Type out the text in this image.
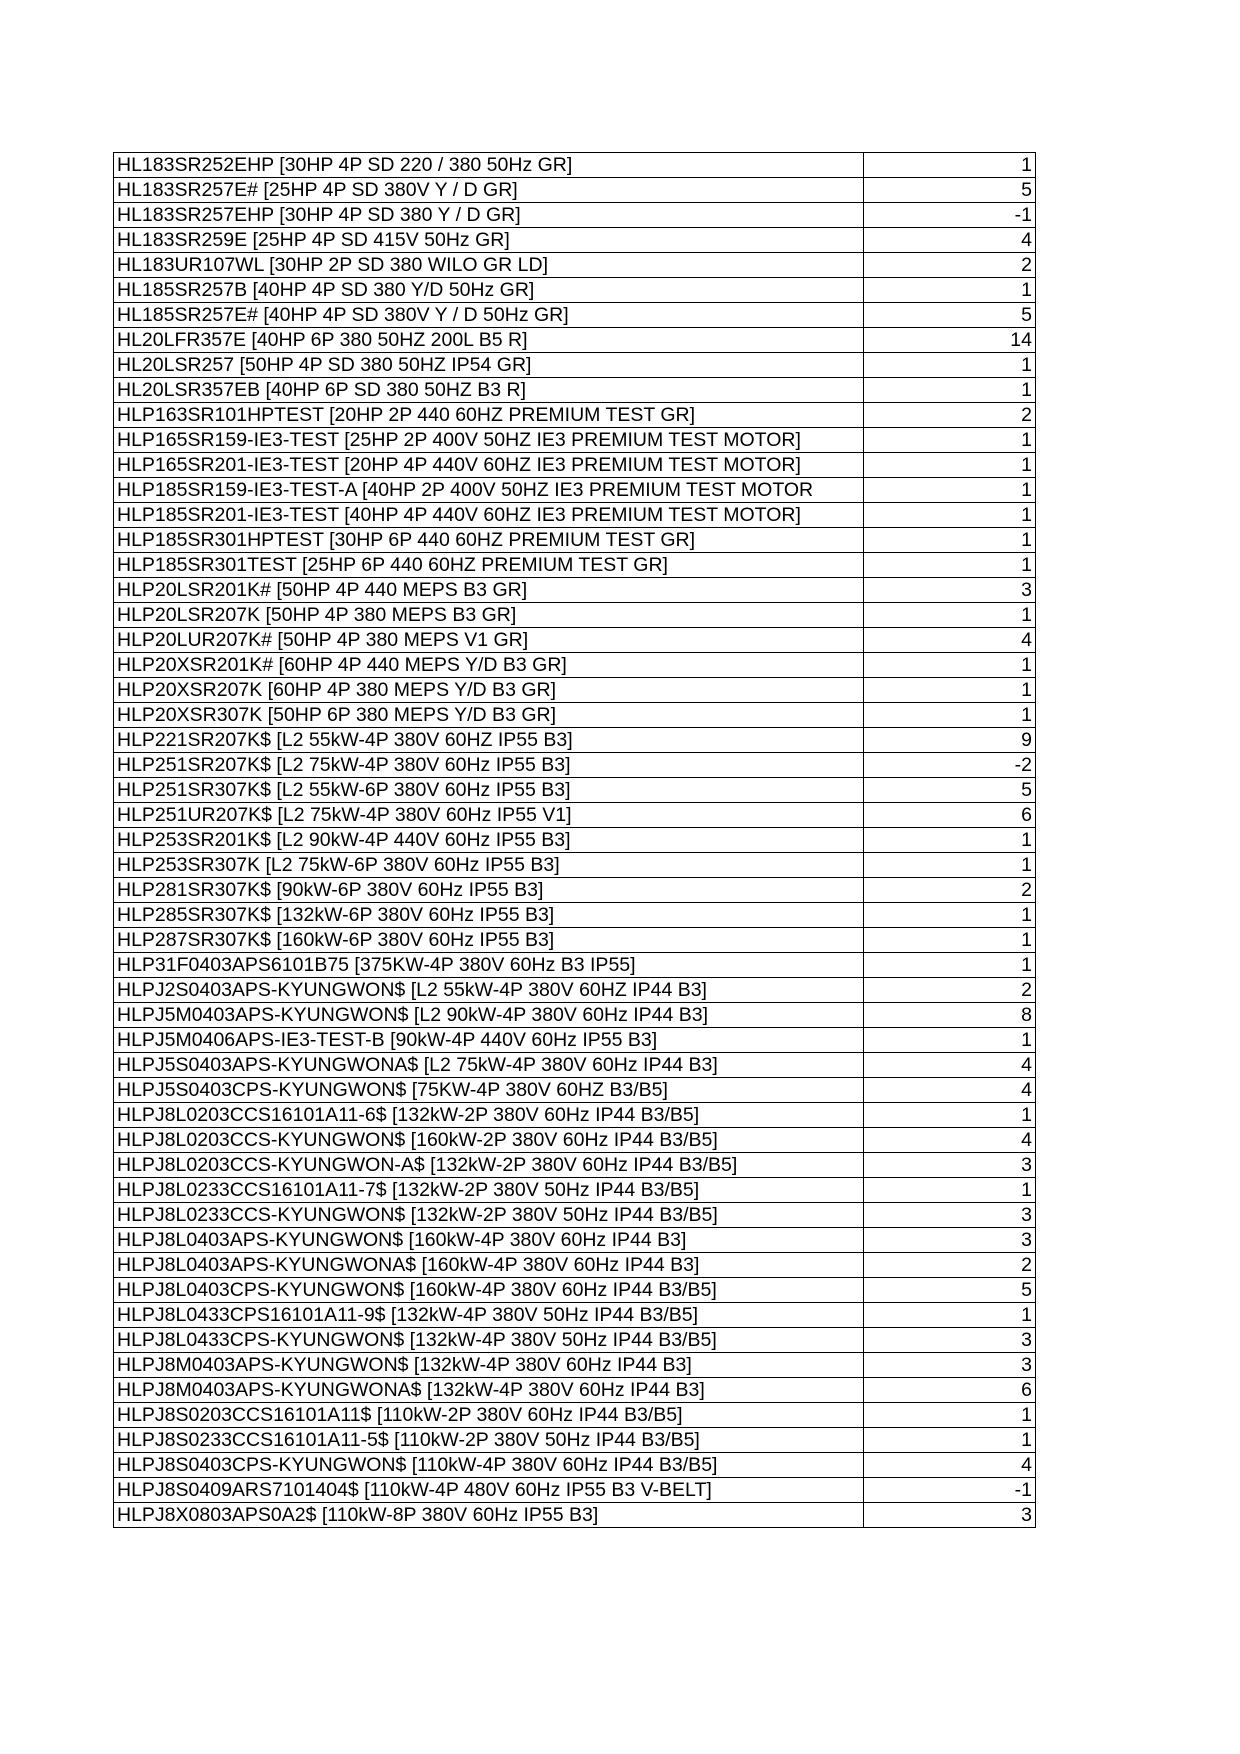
HL183SR252EHP [30HP 4P SD 220 / 380 50Hz GR]	1
HL183SR257E# [25HP 4P SD 380V Y / D GR]	5
HL183SR257EHP [30HP 4P SD 380 Y / D GR]	-1
HL183SR259E [25HP 4P SD 415V 50Hz GR]	4
HL183UR107WL [30HP 2P SD 380 WILO GR LD]	2
HL185SR257B [40HP 4P SD 380 Y/D 50Hz GR]	1
HL185SR257E# [40HP 4P SD 380V Y / D 50Hz GR]	5
HL20LFR357E [40HP 6P 380 50HZ 200L B5 R]	14
HL20LSR257 [50HP 4P SD 380 50HZ IP54 GR]	1
HL20LSR357EB [40HP 6P SD 380 50HZ B3 R]	1
HLP163SR101HPTEST [20HP 2P 440 60HZ PREMIUM TEST GR]	2
HLP165SR159-IE3-TEST [25HP 2P 400V 50HZ IE3 PREMIUM TEST MOTOR]	1
HLP165SR201-IE3-TEST [20HP 4P 440V 60HZ IE3 PREMIUM TEST MOTOR]	1
HLP185SR159-IE3-TEST-A [40HP 2P 400V 50HZ IE3 PREMIUM TEST MOTOR	1
HLP185SR201-IE3-TEST [40HP 4P 440V 60HZ IE3 PREMIUM TEST MOTOR]	1
HLP185SR301HPTEST [30HP 6P 440 60HZ PREMIUM TEST GR]	1
HLP185SR301TEST [25HP 6P 440 60HZ PREMIUM TEST GR]	1
HLP20LSR201K# [50HP 4P 440 MEPS B3 GR]	3
HLP20LSR207K [50HP 4P 380 MEPS B3 GR]	1
HLP20LUR207K# [50HP 4P 380 MEPS V1 GR]	4
HLP20XSR201K# [60HP 4P 440 MEPS Y/D B3 GR]	1
HLP20XSR207K [60HP 4P 380 MEPS Y/D B3 GR]	1
HLP20XSR307K [50HP 6P 380 MEPS Y/D B3 GR]	1
HLP221SR207K$ [L2 55kW-4P 380V 60HZ IP55 B3]	9
HLP251SR207K$ [L2 75kW-4P 380V 60Hz IP55 B3]	-2
HLP251SR307K$ [L2 55kW-6P 380V 60Hz IP55 B3]	5
HLP251UR207K$ [L2 75kW-4P 380V 60Hz IP55 V1]	6
HLP253SR201K$ [L2 90kW-4P 440V 60Hz IP55 B3]	1
HLP253SR307K [L2 75kW-6P 380V 60Hz IP55 B3]	1
HLP281SR307K$ [90kW-6P 380V 60Hz IP55 B3]	2
HLP285SR307K$ [132kW-6P 380V 60Hz IP55 B3]	1
HLP287SR307K$ [160kW-6P 380V 60Hz IP55 B3]	1
HLP31F0403APS6101B75 [375KW-4P 380V 60Hz B3 IP55]	1
HLPJ2S0403APS-KYUNGWON$ [L2 55kW-4P 380V 60HZ IP44 B3]	2
HLPJ5M0403APS-KYUNGWON$ [L2 90kW-4P 380V 60Hz IP44 B3]	8
HLPJ5M0406APS-IE3-TEST-B [90kW-4P 440V 60Hz IP55 B3]	1
HLPJ5S0403APS-KYUNGWONA$ [L2 75kW-4P 380V 60Hz IP44 B3]	4
HLPJ5S0403CPS-KYUNGWON$ [75KW-4P 380V 60HZ B3/B5]	4
HLPJ8L0203CCS16101A11-6$ [132kW-2P 380V 60Hz IP44 B3/B5]	1
HLPJ8L0203CCS-KYUNGWON$ [160kW-2P 380V 60Hz IP44 B3/B5]	4
HLPJ8L0203CCS-KYUNGWON-A$ [132kW-2P 380V 60Hz IP44 B3/B5]	3
HLPJ8L0233CCS16101A11-7$ [132kW-2P 380V 50Hz IP44 B3/B5]	1
HLPJ8L0233CCS-KYUNGWON$ [132kW-2P 380V 50Hz IP44 B3/B5]	3
HLPJ8L0403APS-KYUNGWON$ [160kW-4P 380V 60Hz IP44 B3]	3
HLPJ8L0403APS-KYUNGWONA$ [160kW-4P 380V 60Hz IP44 B3]	2
HLPJ8L0403CPS-KYUNGWON$ [160kW-4P 380V 60Hz IP44 B3/B5]	5
HLPJ8L0433CPS16101A11-9$ [132kW-4P 380V 50Hz IP44 B3/B5]	1
HLPJ8L0433CPS-KYUNGWON$ [132kW-4P 380V 50Hz IP44 B3/B5]	3
HLPJ8M0403APS-KYUNGWON$ [132kW-4P 380V 60Hz IP44 B3]	3
HLPJ8M0403APS-KYUNGWONA$ [132kW-4P 380V 60Hz IP44 B3]	6
HLPJ8S0203CCS16101A11$ [110kW-2P 380V 60Hz IP44 B3/B5]	1
HLPJ8S0233CCS16101A11-5$ [110kW-2P 380V 50Hz IP44 B3/B5]	1
HLPJ8S0403CPS-KYUNGWON$ [110kW-4P 380V 60Hz IP44 B3/B5]	4
HLPJ8S0409ARS7101404$ [110kW-4P 480V 60Hz IP55 B3 V-BELT]	-1
HLPJ8X0803APS0A2$ [110kW-8P 380V 60Hz IP55 B3]	3
